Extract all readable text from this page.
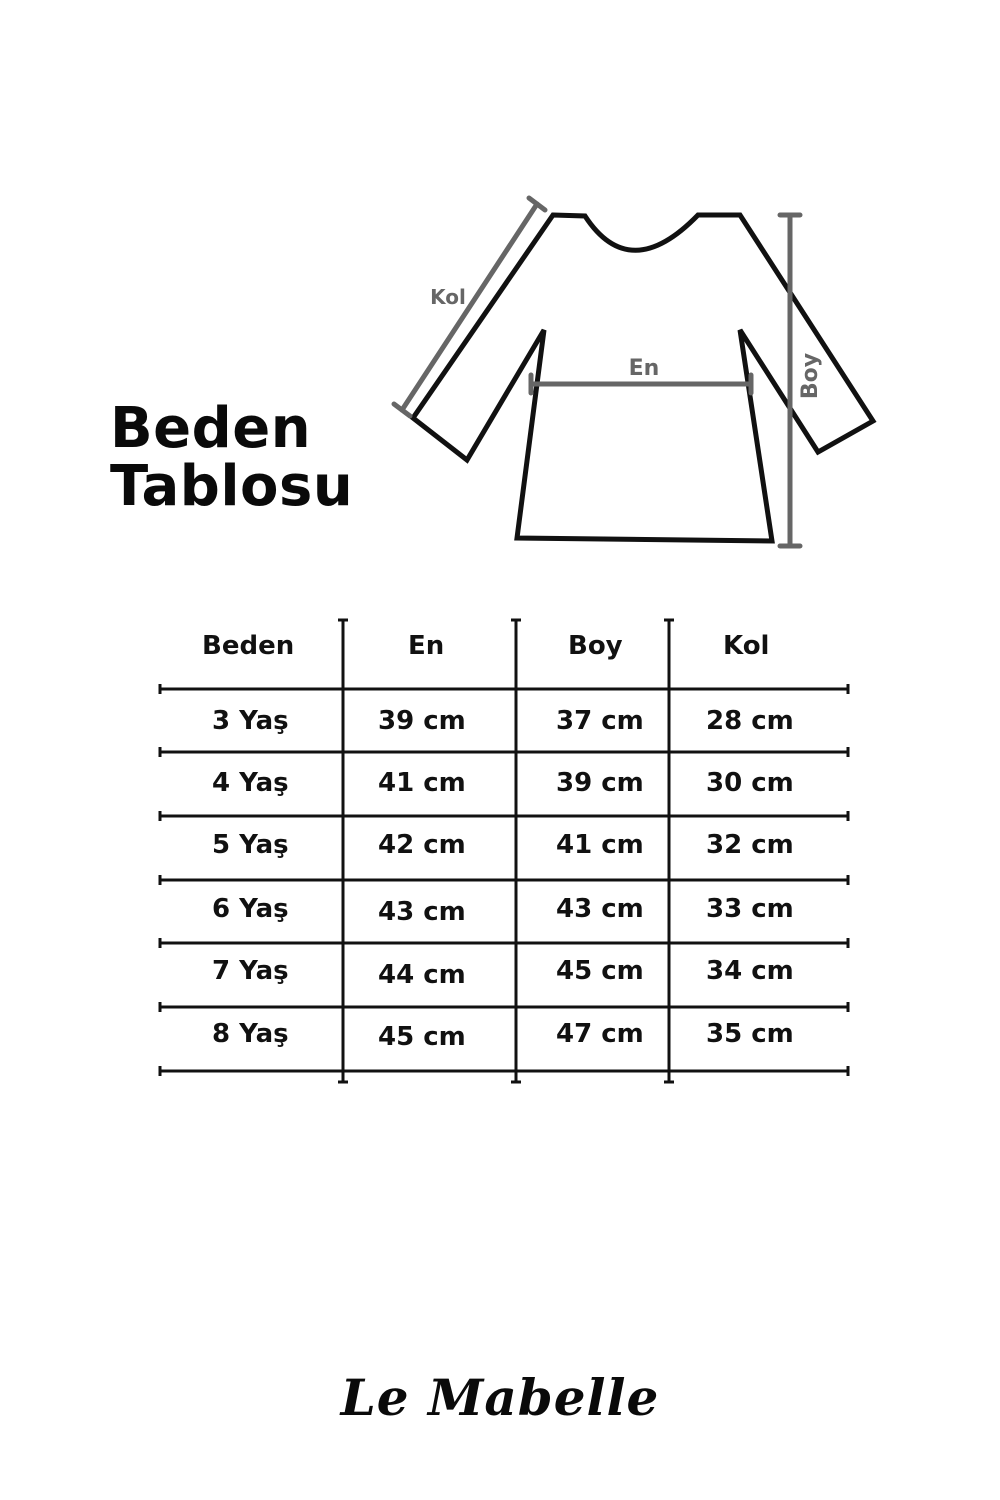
Beden
Tablosu
Kol
En	Boy
Beden	En	Boy	Kol
3 Yaş	39 cm	37 cm 28 cm
4 Yaş	41 cm	39 cm 30 cm
5 Yaş	42 cm	41 cm 32 cm
6 Yaş	43 cm	43 cm 33 cm
7 Yaş	44 cm	45 cm 34 cm
8 Yaş	45 cm	47 cm 35 cm
Le Mabelle
